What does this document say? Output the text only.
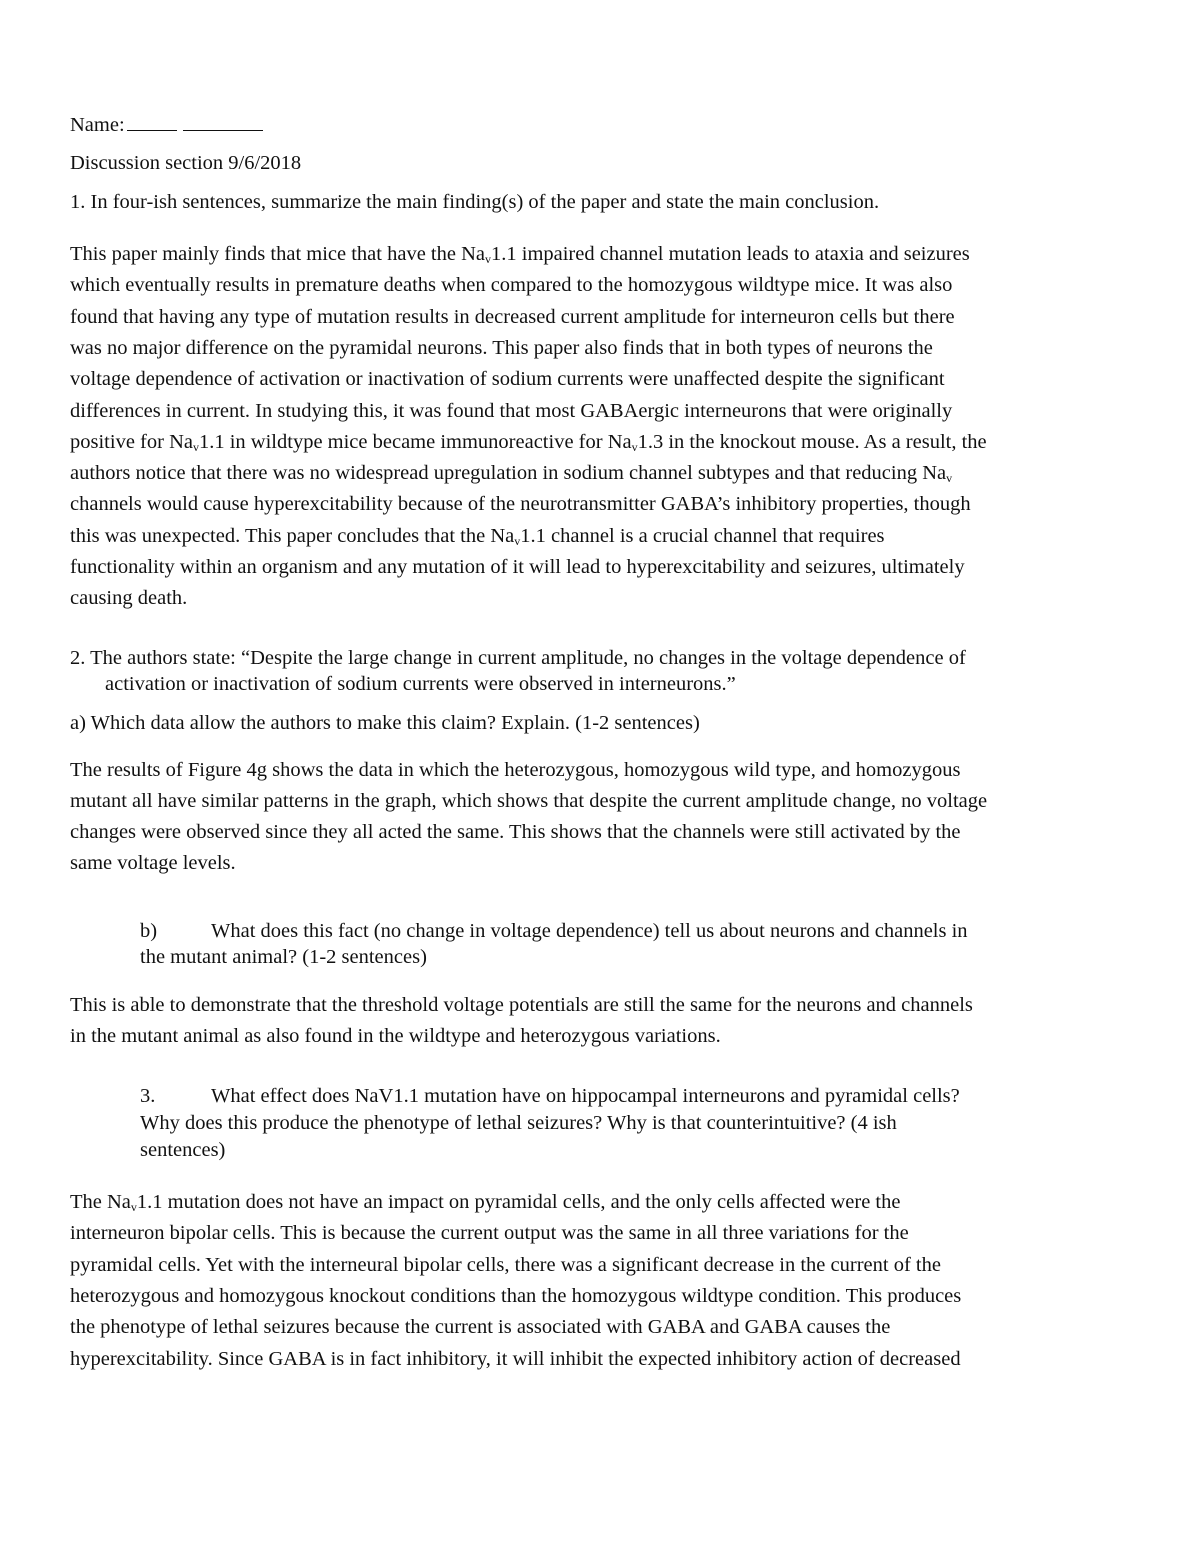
Name:
Discussion section 9/6/2018
1. In four-ish sentences, summarize the main finding(s) of the paper and state the main conclusion.
This paper mainly finds that mice that have the $Na_v1.1$ impaired channel mutation leads to ataxia and seizures
which eventually results in premature deaths when compared to the homozygous wildtype mice. It was also
found that having any type of mutation results in decreased current amplitude for interneuron cells but there
was no major difference on the pyramidal neurons. This paper also finds that in both types of neurons the
voltage dependence of activation or inactivation of sodium currents were unaffected despite the significant
differences in current. In studying this, it was found that most GABAergic interneurons that were originally
positive for $Na_v1.1$ in wildtype mice became immunoreactive for $Na_v1.3$ in the knockout mouse. As a result, the
authors notice that there was no widespread upregulation in sodium channel subtypes and that reducing $Na_v$
channels would cause hyperexcitability because of the neurotransmitter GABA’s inhibitory properties, though
this was unexpected. This paper concludes that the $Na_v1.1$ channel is a crucial channel that requires
functionality within an organism and any mutation of it will lead to hyperexcitability and seizures, ultimately
causing death.
2. The authors state: “Despite the large change in current amplitude, no changes in the voltage dependence of
activation or inactivation of sodium currents were observed in interneurons.”
a) Which data allow the authors to make this claim? Explain. (1-2 sentences)
The results of Figure 4g shows the data in which the heterozygous, homozygous wild type, and homozygous
mutant all have similar patterns in the graph, which shows that despite the current amplitude change, no voltage
changes were observed since they all acted the same. This shows that the channels were still activated by the
same voltage levels.
b)	What does this fact (no change in voltage dependence) tell us about neurons and channels in
the mutant animal? (1-2 sentences)
This is able to demonstrate that the threshold voltage potentials are still the same for the neurons and channels
in the mutant animal as also found in the wildtype and heterozygous variations.
3.	What effect does NaV1.1 mutation have on hippocampal interneurons and pyramidal cells?
Why does this produce the phenotype of lethal seizures? Why is that counterintuitive? (4 ish
sentences)
The $Na_v1.1$ mutation does not have an impact on pyramidal cells, and the only cells affected were the
interneuron bipolar cells. This is because the current output was the same in all three variations for the
pyramidal cells. Yet with the interneural bipolar cells, there was a significant decrease in the current of the
heterozygous and homozygous knockout conditions than the homozygous wildtype condition. This produces
the phenotype of lethal seizures because the current is associated with GABA and GABA causes the
hyperexcitability. Since GABA is in fact inhibitory, it will inhibit the expected inhibitory action of decreased
